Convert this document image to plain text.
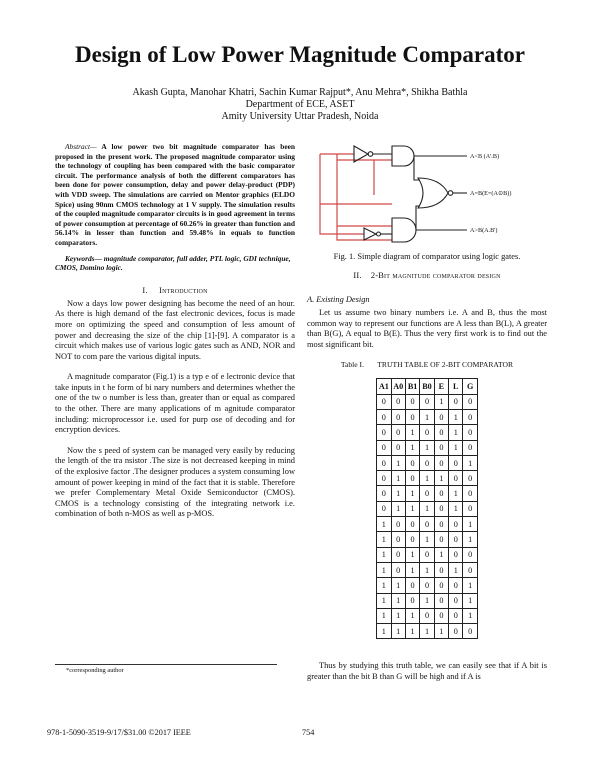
Design of Low Power Magnitude Comparator
Akash Gupta, Manohar Khatri, Sachin Kumar Rajput*, Anu Mehra*, Shikha Bathla
Department of ECE, ASET
Amity University Uttar Pradesh, Noida

Abstract— A low power two bit magnitude comparator has been proposed in the present work. The proposed magnitude comparator using the technology of coupling has been compared with the basic comparator circuit. The performance analysis of both the different comparators has been done for power consumption, delay and power delay-product (PDP) with VDD sweep. The simulations are carried on Mentor graphics (ELDO Spice) using 90nm CMOS technology at 1 V supply. The simulation results of the coupled magnitude comparator circuits is in good agreement in terms of power consumption at percentage of 60.26% in greater than function and 56.14% in lesser than function and 59.48% in equals to function comparators.

Keywords— magnitude comparator, full adder, PTL logic, GDI technique, CMOS, Domino logic.

I. Introduction

Now a days low power designing has become the need of an hour. As there is high demand of the fast electronic devices, focus is made more on optimizing the speed and consumption of less amount of power and decreasing the size of the chip [1]-[9]. A comparator is a circuit which makes use of various logic gates such as AND, NOR and NOT to com pare the various digital inputs.

A magnitude comparator (Fig.1) is a typ e of e lectronic device that take inputs in t he form of bi nary numbers and determines whether the one of the tw o number is less than, greater than or equal as compared to the other. There are many applications of m agnitude comparator including: microprocessor i.e. used for purp ose of decoding and for encryption devices.

Now the s peed of system can be managed very easily by reducing the length of the tra nsistor .The size is not decreased keeping in mind of the explosive factor .The designer produces a system consuming low amount of power keeping in mind of the fact that it is stable. Therefore we prefer Complementary Metal Oxide Semiconductor (CMOS). CMOS is a technology consisting of the integrating network i.e. combination of both n-MOS as well as p-MOS.

A<B (A'.B)
A=B(E=(A⊙B))
A>B(A.B')

Fig. 1. Simple diagram of comparator using logic gates.

II. 2-Bit magnitude comparator design

A. Existing Design

Let us assume two binary numbers i.e. A and B, thus the most common way to represent our functions are A less than B(L), A greater than B(G), A equal to B(E). Thus the very first work is to find out the most significant bit.

Table I. TRUTH TABLE OF 2-BIT COMPARATOR

A1	A0	B1	B0	E	L	G
0	0	0	0	1	0	0
0	0	0	1	0	1	0
0	0	1	0	0	1	0
0	0	1	1	0	1	0
0	1	0	0	0	0	1
0	1	0	1	1	0	0
0	1	1	0	0	1	0
0	1	1	1	0	1	0
1	0	0	0	0	0	1
1	0	0	1	0	0	1
1	0	1	0	1	0	0
1	0	1	1	0	1	0
1	1	0	0	0	0	1
1	1	0	1	0	0	1
1	1	1	0	0	0	1
1	1	1	1	1	0	0

Thus by studying this truth table, we can easily see that if A bit is greater than the bit B than G will be high and if A is

*corresponding author
978-1-5090-3519-9/17/$31.00 ©2017 IEEE	754
